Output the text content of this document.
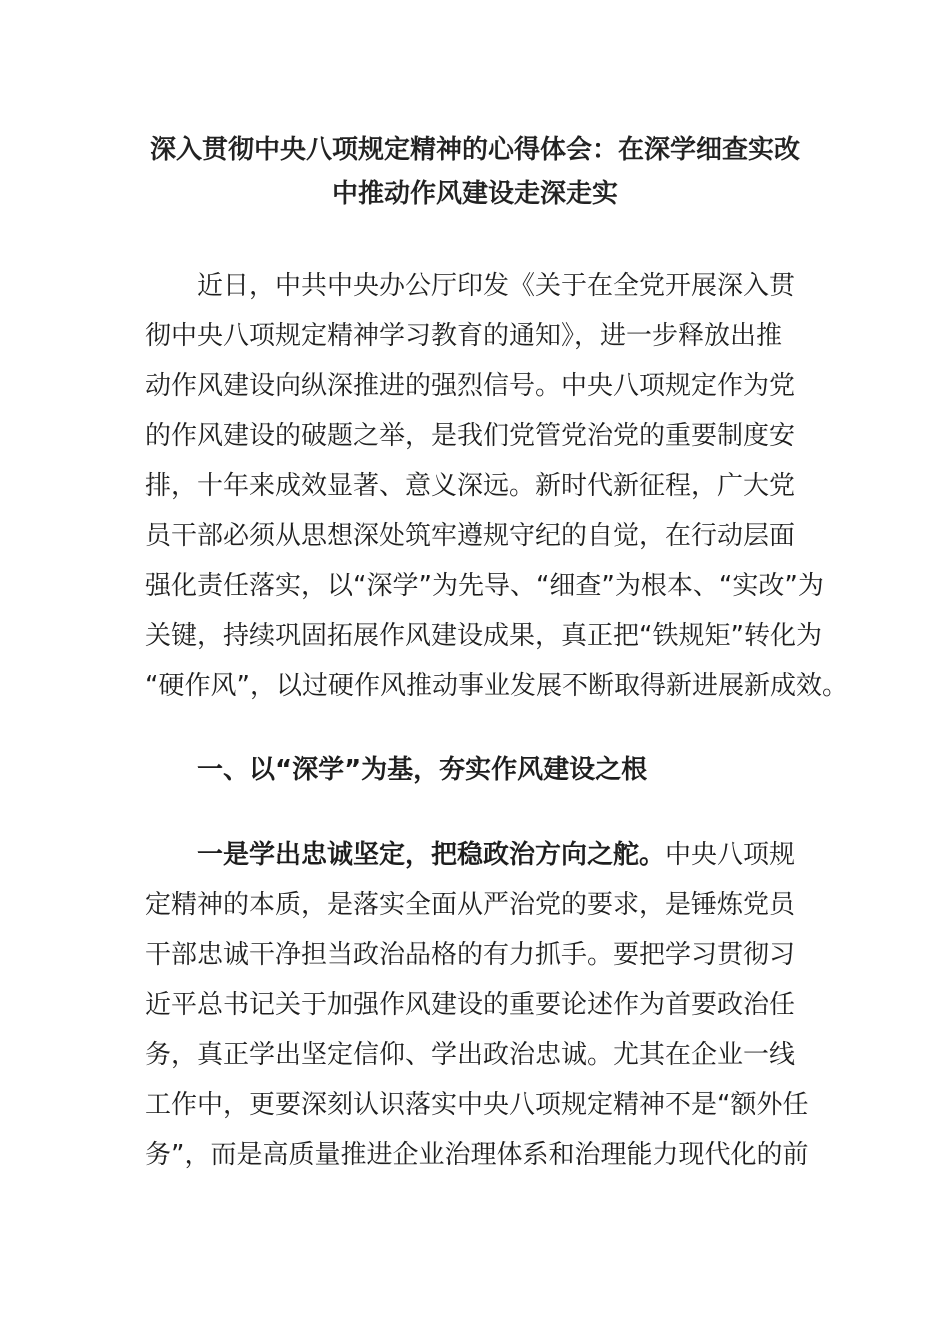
深入贯彻中央八项规定精神的心得体会：在深学细查实改
中推动作风建设走深走实
近日，中共中央办公厅印发《关于在全党开展深入贯
彻中央八项规定精神学习教育的通知》，进一步释放出推
动作风建设向纵深推进的强烈信号。中央八项规定作为党
的作风建设的破题之举，是我们党管党治党的重要制度安
排，十年来成效显著、意义深远。新时代新征程，广大党
员干部必须从思想深处筑牢遵规守纪的自觉，在行动层面
强化责任落实，以“深学”为先导、“细查”为根本、“实改”为
关键，持续巩固拓展作风建设成果，真正把“铁规矩”转化为
“硬作风”，以过硬作风推动事业发展不断取得新进展新成效。
一、以“深学”为基，夯实作风建设之根
一是学出忠诚坚定，把稳政治方向之舵。中央八项规
定精神的本质，是落实全面从严治党的要求，是锤炼党员
干部忠诚干净担当政治品格的有力抓手。要把学习贯彻习
近平总书记关于加强作风建设的重要论述作为首要政治任
务，真正学出坚定信仰、学出政治忠诚。尤其在企业一线
工作中，更要深刻认识落实中央八项规定精神不是“额外任
务”，而是高质量推进企业治理体系和治理能力现代化的前
